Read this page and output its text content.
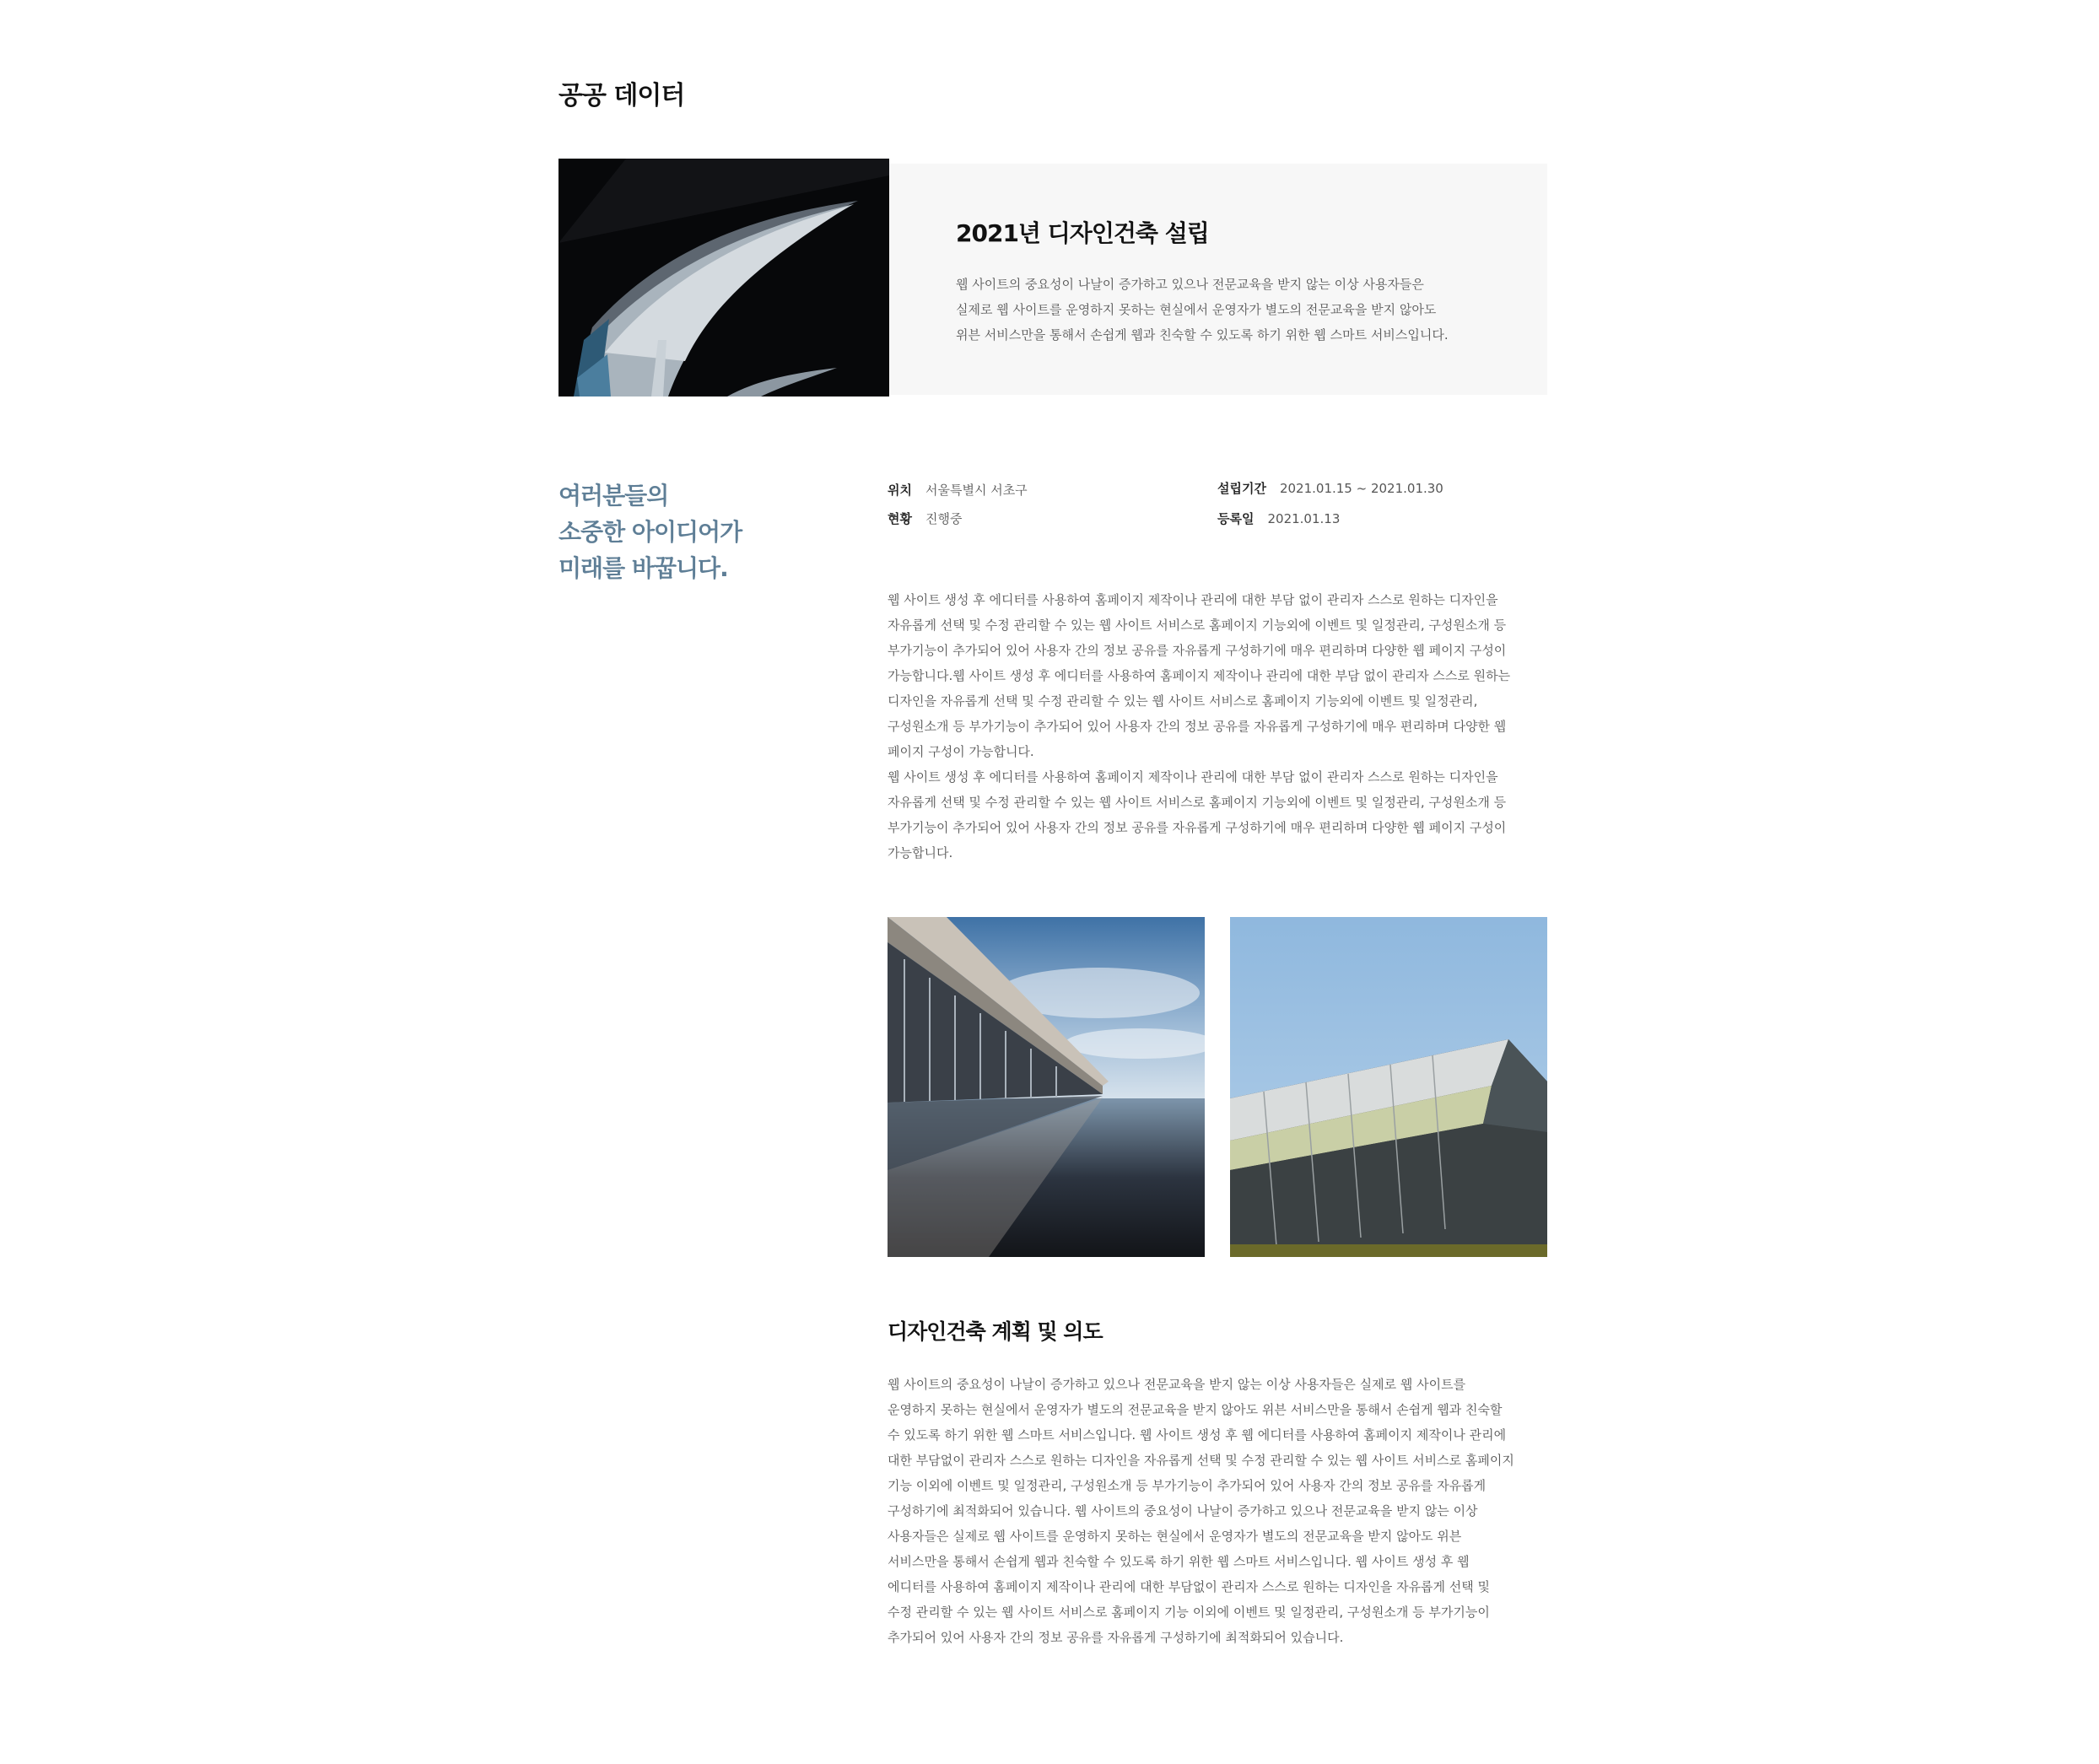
공공 데이터
2021년 디자인건축 설립
웹 사이트의 중요성이 나날이 증가하고 있으나 전문교육을 받지 않는 이상 사용자들은
실제로 웹 사이트를 운영하지 못하는 현실에서 운영자가 별도의 전문교육을 받지 않아도
위븐 서비스만을 통해서 손쉽게 웹과 친숙할 수 있도록 하기 위한 웹 스마트 서비스입니다.
여러분들의
소중한 아이디어가
미래를 바꿉니다.
위치 서울특별시 서초구
현황 진행중
설립기간 2021.01.15 ~ 2021.01.30
등록일 2021.01.13
웹 사이트 생성 후 에디터를 사용하여 홈페이지 제작이나 관리에 대한 부담 없이 관리자 스스로 원하는 디자인을
자유롭게 선택 및 수정 관리할 수 있는 웹 사이트 서비스로 홈페이지 기능외에 이벤트 및 일정관리, 구성원소개 등
부가기능이 추가되어 있어 사용자 간의 정보 공유를 자유롭게 구성하기에 매우 편리하며 다양한 웹 페이지 구성이
가능합니다.웹 사이트 생성 후 에디터를 사용하여 홈페이지 제작이나 관리에 대한 부담 없이 관리자 스스로 원하는
디자인을 자유롭게 선택 및 수정 관리할 수 있는 웹 사이트 서비스로 홈페이지 기능외에 이벤트 및 일정관리,
구성원소개 등 부가기능이 추가되어 있어 사용자 간의 정보 공유를 자유롭게 구성하기에 매우 편리하며 다양한 웹
페이지 구성이 가능합니다.
웹 사이트 생성 후 에디터를 사용하여 홈페이지 제작이나 관리에 대한 부담 없이 관리자 스스로 원하는 디자인을
자유롭게 선택 및 수정 관리할 수 있는 웹 사이트 서비스로 홈페이지 기능외에 이벤트 및 일정관리, 구성원소개 등
부가기능이 추가되어 있어 사용자 간의 정보 공유를 자유롭게 구성하기에 매우 편리하며 다양한 웹 페이지 구성이
가능합니다.
디자인건축 계획 및 의도
웹 사이트의 중요성이 나날이 증가하고 있으나 전문교육을 받지 않는 이상 사용자들은 실제로 웹 사이트를
운영하지 못하는 현실에서 운영자가 별도의 전문교육을 받지 않아도 위븐 서비스만을 통해서 손쉽게 웹과 친숙할
수 있도록 하기 위한 웹 스마트 서비스입니다. 웹 사이트 생성 후 웹 에디터를 사용하여 홈페이지 제작이나 관리에
대한 부담없이 관리자 스스로 원하는 디자인을 자유롭게 선택 및 수정 관리할 수 있는 웹 사이트 서비스로 홈페이지
기능 이외에 이벤트 및 일정관리, 구성원소개 등 부가기능이 추가되어 있어 사용자 간의 정보 공유를 자유롭게
구성하기에 최적화되어 있습니다. 웹 사이트의 중요성이 나날이 증가하고 있으나 전문교육을 받지 않는 이상
사용자들은 실제로 웹 사이트를 운영하지 못하는 현실에서 운영자가 별도의 전문교육을 받지 않아도 위븐
서비스만을 통해서 손쉽게 웹과 친숙할 수 있도록 하기 위한 웹 스마트 서비스입니다. 웹 사이트 생성 후 웹
에디터를 사용하여 홈페이지 제작이나 관리에 대한 부담없이 관리자 스스로 원하는 디자인을 자유롭게 선택 및
수정 관리할 수 있는 웹 사이트 서비스로 홈페이지 기능 이외에 이벤트 및 일정관리, 구성원소개 등 부가기능이
추가되어 있어 사용자 간의 정보 공유를 자유롭게 구성하기에 최적화되어 있습니다.
